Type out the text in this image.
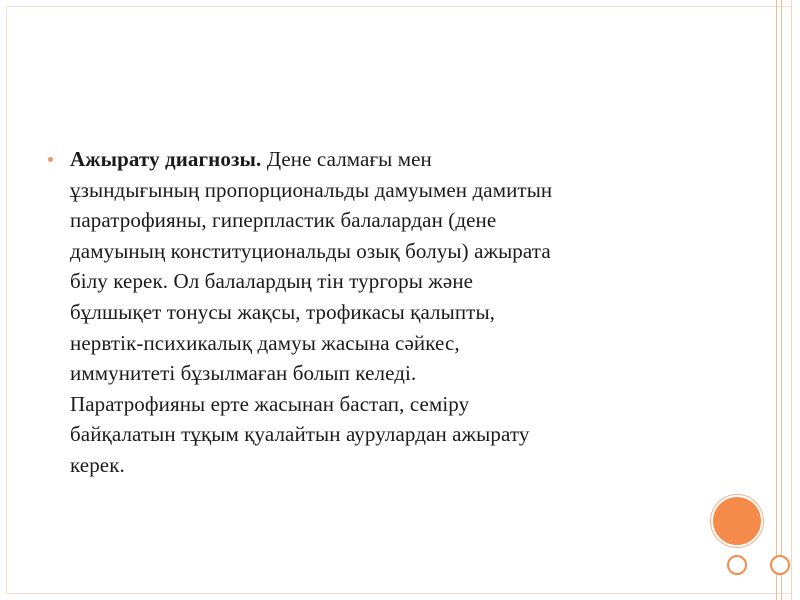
Ажырату диагнозы. Дене салмағы мен
ұзындығының пропорциональды дамуымен дамитын
паратрофияны, гиперпластик балалардан (дене
дамуының конституциональды озық болуы) ажырата
білу керек. Ол балалардың тін тургоры және
бұлшықет тонусы жақсы, трофикасы қалыпты,
нервтік-психикалық дамуы жасына сәйкес,
иммунитеті бұзылмаған болып келеді.
Паратрофияны ерте жасынан бастап, семіру
байқалатын тұқым қуалайтын аурулардан ажырату
керек.
